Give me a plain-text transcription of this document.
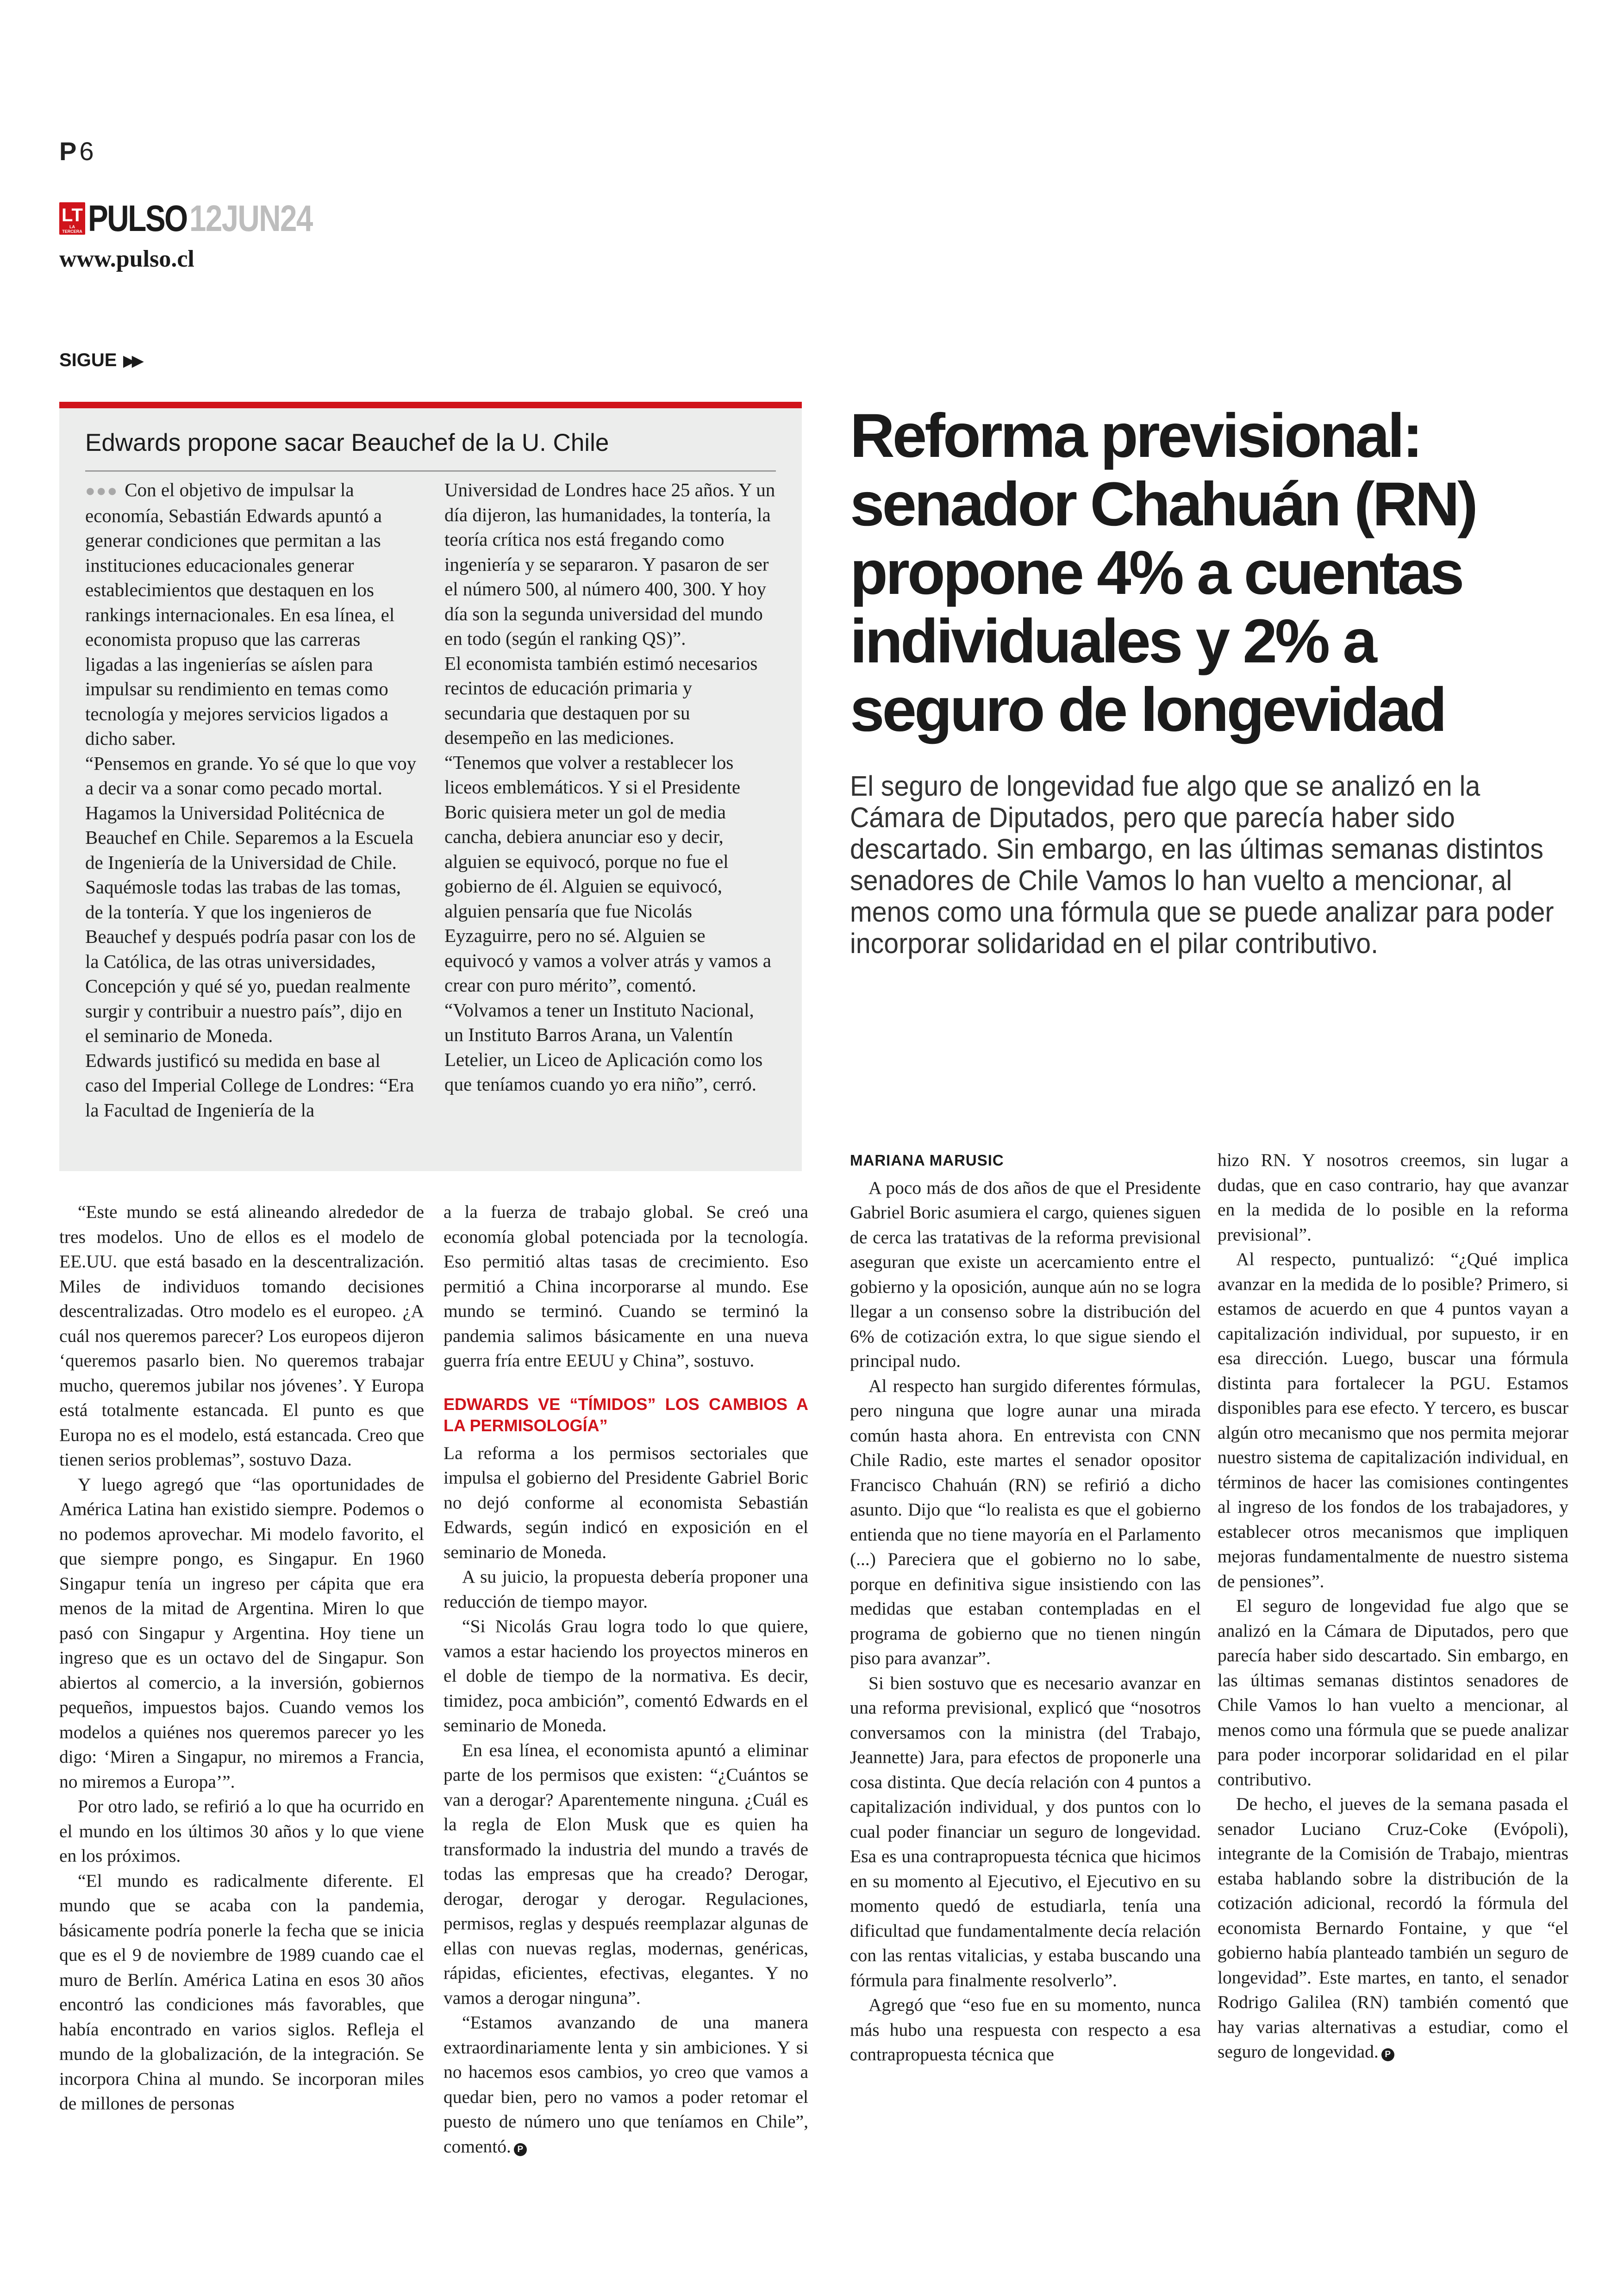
P 6
LT
LA TERCERA PULSO 12JUN24
www.pulso.cl
SIGUE ▶▶
Edwards propone sacar Beauchef de la U. Chile

●●● Con el objetivo de impulsar la economía, Sebastián Edwards apuntó a generar condiciones que permitan a las instituciones educacionales generar establecimientos que destaquen en los rankings internacionales. En esa línea, el economista propuso que las carreras ligadas a las ingenierías se aíslen para impulsar su rendimiento en temas como tecnología y mejores servicios ligados a dicho saber.

“Pensemos en grande. Yo sé que lo que voy a decir va a sonar como pecado mortal. Hagamos la Universidad Politécnica de Beauchef en Chile. Separemos a la Escuela de Ingeniería de la Universidad de Chile. Saquémosle todas las trabas de las tomas, de la tontería. Y que los ingenieros de Beauchef y después podría pasar con los de la Católica, de las otras universidades, Concepción y qué sé yo, puedan realmente surgir y contribuir a nuestro país”, dijo en el seminario de Moneda.

Edwards justificó su medida en base al caso del Imperial College de Londres: “Era la Facultad de Ingeniería de la

Universidad de Londres hace 25 años. Y un día dijeron, las humanidades, la tontería, la teoría crítica nos está fregando como ingeniería y se separaron. Y pasaron de ser el número 500, al número 400, 300. Y hoy día son la segunda universidad del mundo en todo (según el ranking QS)”.

El economista también estimó necesarios recintos de educación primaria y secundaria que destaquen por su desempeño en las mediciones.

“Tenemos que volver a restablecer los liceos emblemáticos. Y si el Presidente Boric quisiera meter un gol de media cancha, debiera anunciar eso y decir, alguien se equivocó, porque no fue el gobierno de él. Alguien se equivocó, alguien pensaría que fue Nicolás Eyzaguirre, pero no sé. Alguien se equivocó y vamos a volver atrás y vamos a crear con puro mérito”, comentó.

“Volvamos a tener un Instituto Nacional, un Instituto Barros Arana, un Valentín Letelier, un Liceo de Aplicación como los que teníamos cuando yo era niño”, cerró.

Reforma previsional: senador Chahuán (RN) propone 4% a cuentas individuales y 2% a seguro de longevidad

El seguro de longevidad fue algo que se analizó en la Cámara de Diputados, pero que parecía haber sido descartado. Sin embargo, en las últimas semanas distintos senadores de Chile Vamos lo han vuelto a mencionar, al menos como una fórmula que se puede analizar para poder incorporar solidaridad en el pilar contributivo.

“Este mundo se está alineando alrededor de tres modelos. Uno de ellos es el modelo de EE.UU. que está basado en la descentralización. Miles de individuos tomando decisiones descentralizadas. Otro modelo es el europeo. ¿A cuál nos queremos parecer? Los europeos dijeron ‘queremos pasarlo bien. No queremos trabajar mucho, queremos jubilar nos jóvenes’. Y Europa está totalmente estancada. El punto es que Europa no es el modelo, está estancada. Creo que tienen serios problemas”, sostuvo Daza.

Y luego agregó que “las oportunidades de América Latina han existido siempre. Podemos o no podemos aprovechar. Mi modelo favorito, el que siempre pongo, es Singapur. En 1960 Singapur tenía un ingreso per cápita que era menos de la mitad de Argentina. Miren lo que pasó con Singapur y Argentina. Hoy tiene un ingreso que es un octavo del de Singapur. Son abiertos al comercio, a la inversión, gobiernos pequeños, impuestos bajos. Cuando vemos los modelos a quiénes nos queremos parecer yo les digo: ‘Miren a Singapur, no miremos a Francia, no miremos a Europa’”.

Por otro lado, se refirió a lo que ha ocurrido en el mundo en los últimos 30 años y lo que viene en los próximos.

“El mundo es radicalmente diferente. El mundo que se acaba con la pandemia, básicamente podría ponerle la fecha que se inicia que es el 9 de noviembre de 1989 cuando cae el muro de Berlín. América Latina en esos 30 años encontró las condiciones más favorables, que había encontrado en varios siglos. Refleja el mundo de la globalización, de la integración. Se incorpora China al mundo. Se incorporan miles de millones de personas

a la fuerza de trabajo global. Se creó una economía global potenciada por la tecnología. Eso permitió altas tasas de crecimiento. Eso permitió a China incorporarse al mundo. Ese mundo se terminó. Cuando se terminó la pandemia salimos básicamente en una nueva guerra fría entre EEUU y China”, sostuvo.

EDWARDS VE “TÍMIDOS” LOS CAMBIOS A LA PERMISOLOGÍA”

La reforma a los permisos sectoriales que impulsa el gobierno del Presidente Gabriel Boric no dejó conforme al economista Sebastián Edwards, según indicó en exposición en el seminario de Moneda.

A su juicio, la propuesta debería proponer una reducción de tiempo mayor.

“Si Nicolás Grau logra todo lo que quiere, vamos a estar haciendo los proyectos mineros en el doble de tiempo de la normativa. Es decir, timidez, poca ambición”, comentó Edwards en el seminario de Moneda.

En esa línea, el economista apuntó a eliminar parte de los permisos que existen: “¿Cuántos se van a derogar? Aparentemente ninguna. ¿Cuál es la regla de Elon Musk que es quien ha transformado la industria del mundo a través de todas las empresas que ha creado? Derogar, derogar, derogar y derogar. Regulaciones, permisos, reglas y después reemplazar algunas de ellas con nuevas reglas, modernas, genéricas, rápidas, eficientes, efectivas, elegantes. Y no vamos a derogar ninguna”.

“Estamos avanzando de una manera extraordinariamente lenta y sin ambiciones. Y si no hacemos esos cambios, yo creo que vamos a quedar bien, pero no vamos a poder retomar el puesto de número uno que teníamos en Chile”, comentó. P

MARIANA MARUSIC

A poco más de dos años de que el Presidente Gabriel Boric asumiera el cargo, quienes siguen de cerca las tratativas de la reforma previsional aseguran que existe un acercamiento entre el gobierno y la oposición, aunque aún no se logra llegar a un consenso sobre la distribución del 6% de cotización extra, lo que sigue siendo el principal nudo.

Al respecto han surgido diferentes fórmulas, pero ninguna que logre aunar una mirada común hasta ahora. En entrevista con CNN Chile Radio, este martes el senador opositor Francisco Chahuán (RN) se refirió a dicho asunto. Dijo que “lo realista es que el gobierno entienda que no tiene mayoría en el Parlamento (...) Pareciera que el gobierno no lo sabe, porque en definitiva sigue insistiendo con las medidas que estaban contempladas en el programa de gobierno que no tienen ningún piso para avanzar”.

Si bien sostuvo que es necesario avanzar en una reforma previsional, explicó que “nosotros conversamos con la ministra (del Trabajo, Jeannette) Jara, para efectos de proponerle una cosa distinta. Que decía relación con 4 puntos a capitalización individual, y dos puntos con lo cual poder financiar un seguro de longevidad. Esa es una contrapropuesta técnica que hicimos en su momento al Ejecutivo, el Ejecutivo en su momento quedó de estudiarla, tenía una dificultad que fundamentalmente decía relación con las rentas vitalicias, y estaba buscando una fórmula para finalmente resolverlo”.

Agregó que “eso fue en su momento, nunca más hubo una respuesta con respecto a esa contrapropuesta técnica que

hizo RN. Y nosotros creemos, sin lugar a dudas, que en caso contrario, hay que avanzar en la medida de lo posible en la reforma previsional”.

Al respecto, puntualizó: “¿Qué implica avanzar en la medida de lo posible? Primero, si estamos de acuerdo en que 4 puntos vayan a capitalización individual, por supuesto, ir en esa dirección. Luego, buscar una fórmula distinta para fortalecer la PGU. Estamos disponibles para ese efecto. Y tercero, es buscar algún otro mecanismo que nos permita mejorar nuestro sistema de capitalización individual, en términos de hacer las comisiones contingentes al ingreso de los fondos de los trabajadores, y establecer otros mecanismos que impliquen mejoras fundamentalmente de nuestro sistema de pensiones”.

El seguro de longevidad fue algo que se analizó en la Cámara de Diputados, pero que parecía haber sido descartado. Sin embargo, en las últimas semanas distintos senadores de Chile Vamos lo han vuelto a mencionar, al menos como una fórmula que se puede analizar para poder incorporar solidaridad en el pilar contributivo.

De hecho, el jueves de la semana pasada el senador Luciano Cruz-Coke (Evópoli), integrante de la Comisión de Trabajo, mientras estaba hablando sobre la distribución de la cotización adicional, recordó la fórmula del economista Bernardo Fontaine, y que “el gobierno había planteado también un seguro de longevidad”. Este martes, en tanto, el senador Rodrigo Galilea (RN) también comentó que hay varias alternativas a estudiar, como el seguro de longevidad. P
